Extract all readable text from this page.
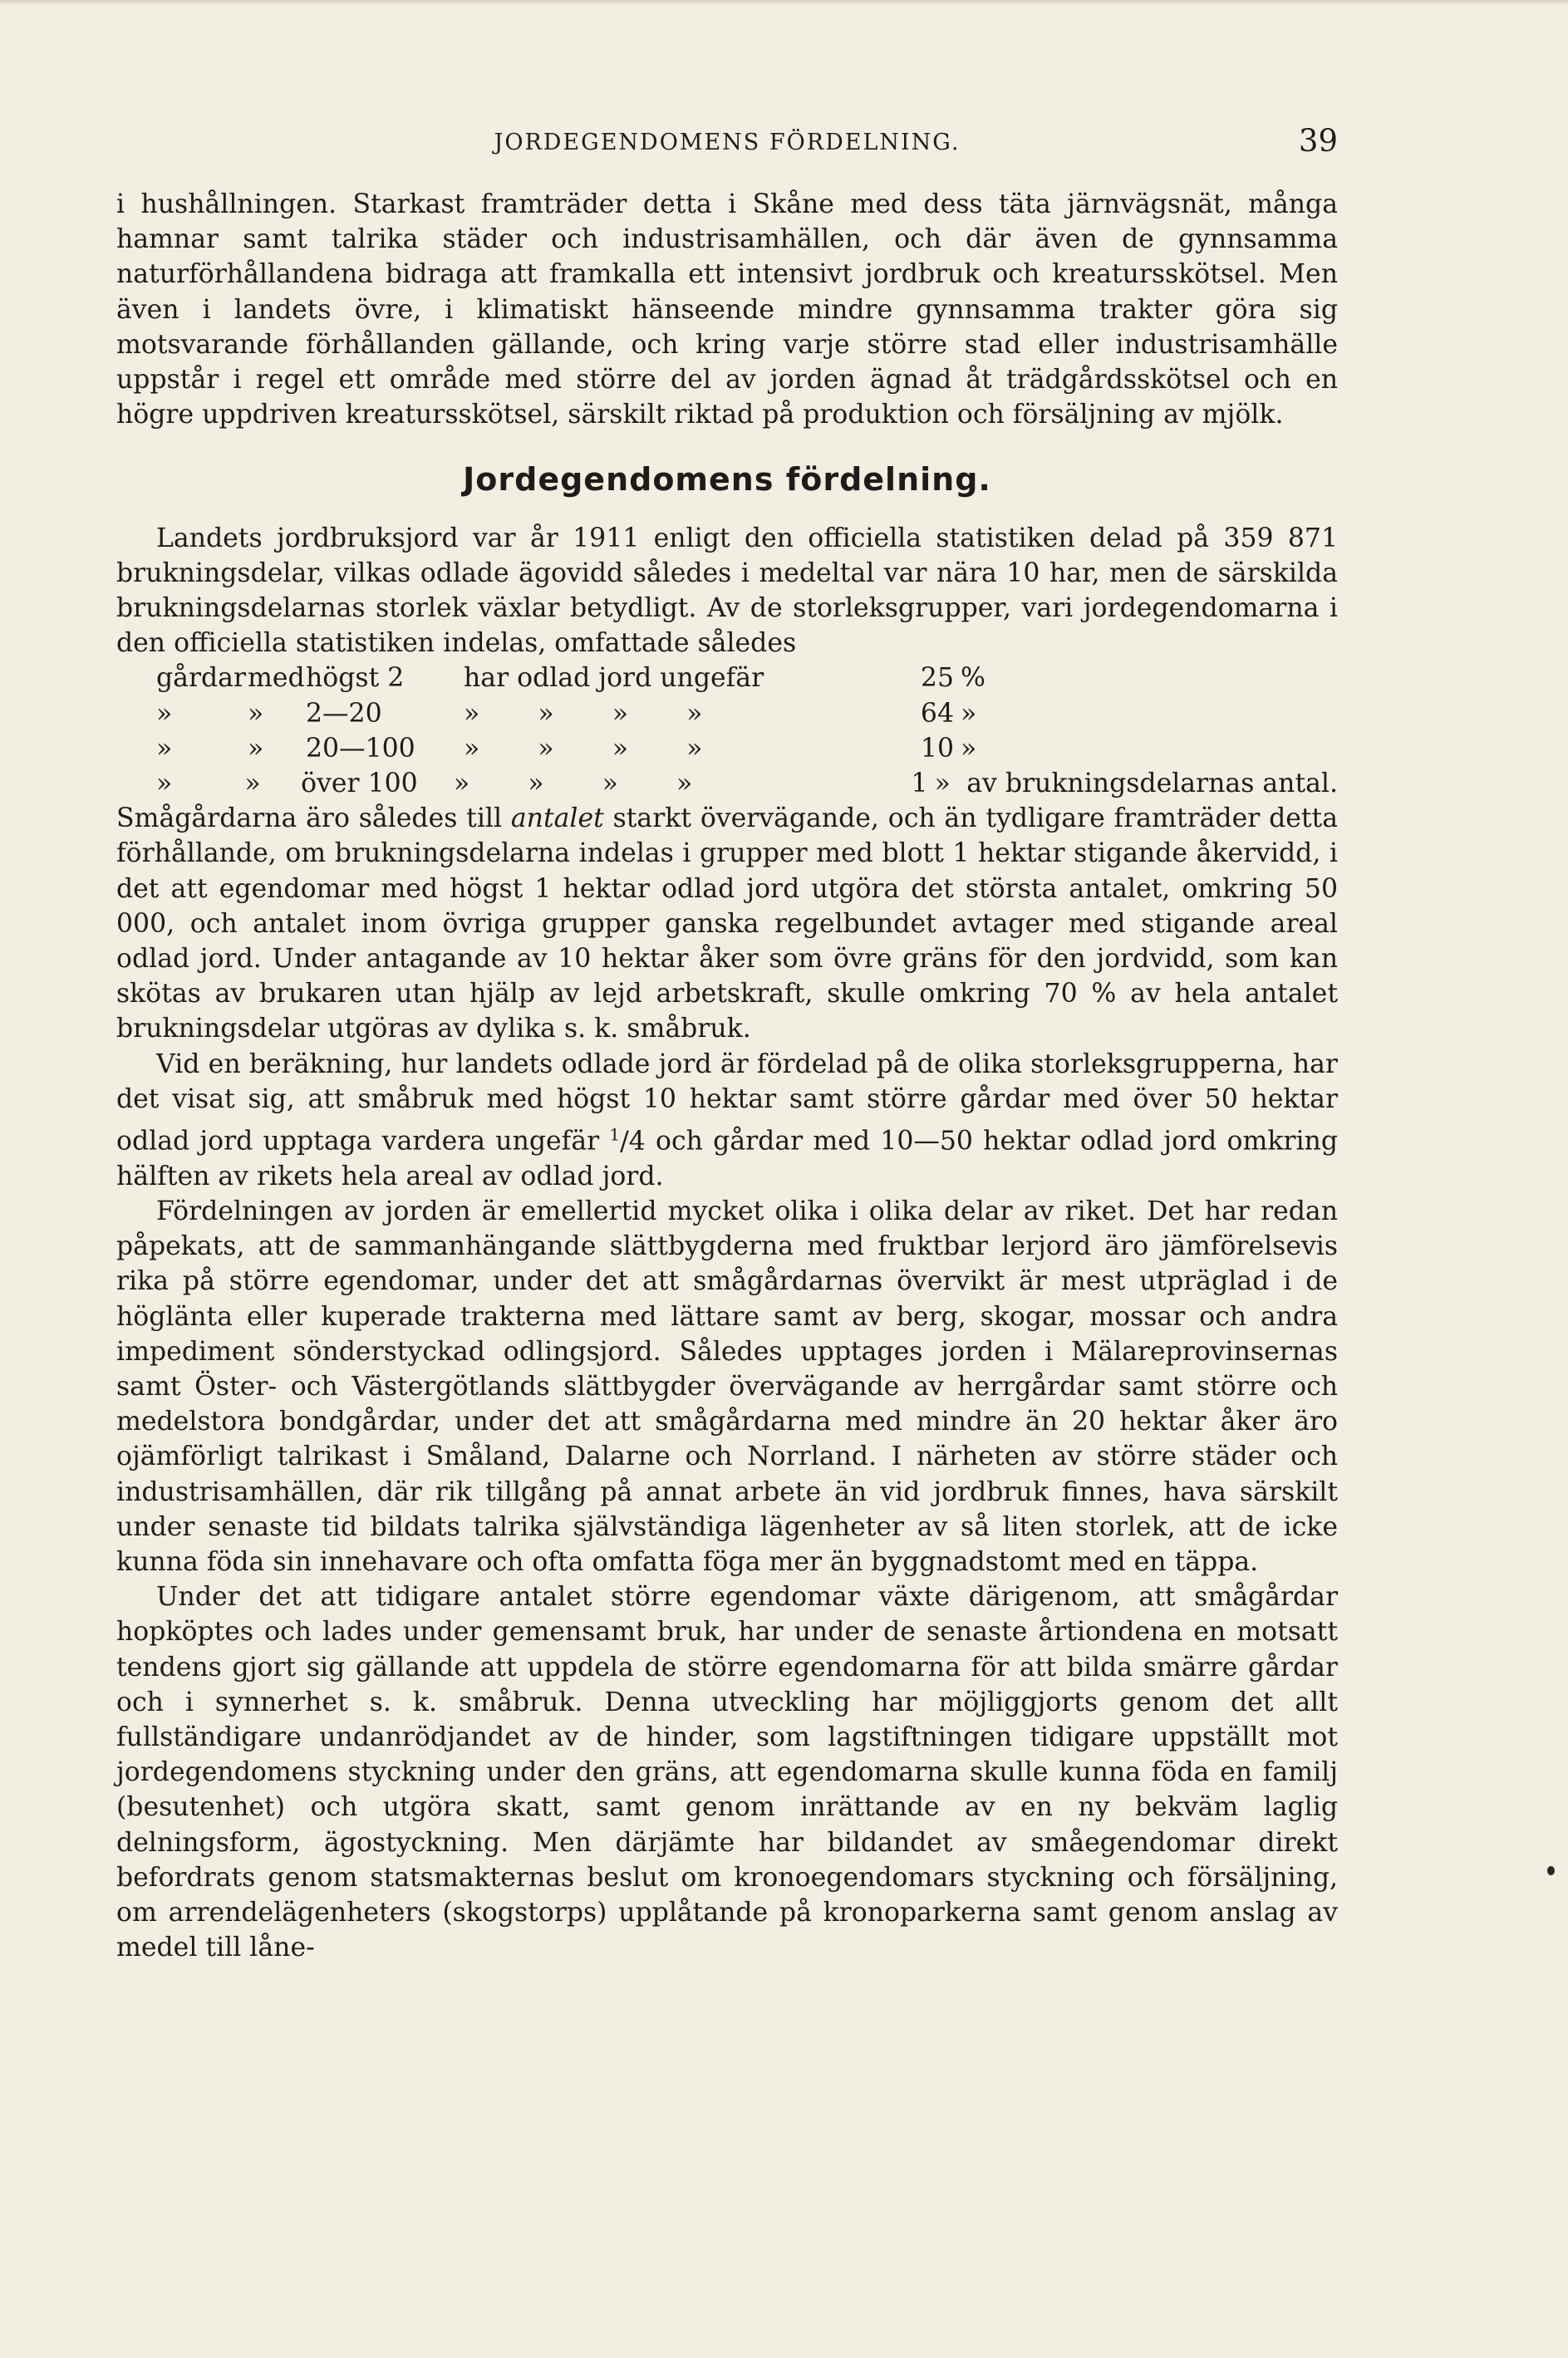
JORDEGENDOMENS FÖRDELNING.	39

i hushållningen. Starkast framträder detta i Skåne med dess täta järnvägsnät, många hamnar samt talrika städer och industrisamhällen, och där även de gynnsamma naturförhållandena bidraga att framkalla ett intensivt jordbruk och kreatursskötsel. Men även i landets övre, i klimatiskt hänseende mindre gynnsamma trakter göra sig motsvarande förhållanden gällande, och kring varje större stad eller industrisamhälle uppstår i regel ett område med större del av jorden ägnad åt trädgårdsskötsel och en högre uppdriven kreatursskötsel, särskilt riktad på produktion och försäljning av mjölk.

Jordegendomens fördelning.

Landets jordbruksjord var år 1911 enligt den officiella statistiken delad på 359 871 brukningsdelar, vilkas odlade ägovidd således i medeltal var nära 10 har, men de särskilda brukningsdelarnas storlek växlar betydligt. Av de storleksgrupper, vari jordegendomarna i den officiella statistiken indelas, omfattade således

gårdar med högst 2	har odlad jord ungefär	25 %
»	»	2—20	»       »       »       »	64 »
»	»	20—100	»       »       »       »	10 »
»	»	över 100	»       »       »       »	1 » av brukningsdelarnas antal.

Smågårdarna äro således till antalet starkt övervägande, och än tydligare framträder detta förhållande, om brukningsdelarna indelas i grupper med blott 1 hektar stigande åkervidd, i det att egendomar med högst 1 hektar odlad jord utgöra det största antalet, omkring 50 000, och antalet inom övriga grupper ganska regelbundet avtager med stigande areal odlad jord. Under antagande av 10 hektar åker som övre gräns för den jordvidd, som kan skötas av brukaren utan hjälp av lejd arbetskraft, skulle omkring 70 % av hela antalet brukningsdelar utgöras av dylika s. k. småbruk.

Vid en beräkning, hur landets odlade jord är fördelad på de olika storleksgrupperna, har det visat sig, att småbruk med högst 10 hektar samt större gårdar med över 50 hektar odlad jord upptaga vardera ungefär $^1$/4 och gårdar med 10—50 hektar odlad jord omkring hälften av rikets hela areal av odlad jord.

Fördelningen av jorden är emellertid mycket olika i olika delar av riket. Det har redan påpekats, att de sammanhängande slättbygderna med fruktbar lerjord äro jämförelsevis rika på större egendomar, under det att smågårdarnas övervikt är mest utpräglad i de höglänta eller kuperade trakterna med lättare samt av berg, skogar, mossar och andra impediment sönderstyckad odlingsjord. Således upptages jorden i Mälareprovinsernas samt Öster- och Västergötlands slättbygder övervägande av herrgårdar samt större och medelstora bondgårdar, under det att smågårdarna med mindre än 20 hektar åker äro ojämförligt talrikast i Småland, Dalarne och Norrland. I närheten av större städer och industrisamhällen, där rik tillgång på annat arbete än vid jordbruk finnes, hava särskilt under senaste tid bildats talrika självständiga lägenheter av så liten storlek, att de icke kunna föda sin innehavare och ofta omfatta föga mer än byggnadstomt med en täppa.

Under det att tidigare antalet större egendomar växte därigenom, att smågårdar hopköptes och lades under gemensamt bruk, har under de senaste årtiondena en motsatt tendens gjort sig gällande att uppdela de större egendomarna för att bilda smärre gårdar och i synnerhet s. k. småbruk. Denna utveckling har möjliggjorts genom det allt fullständigare undanrödjandet av de hinder, som lagstiftningen tidigare uppställt mot jordegendomens styckning under den gräns, att egendomarna skulle kunna föda en familj (besutenhet) och utgöra skatt, samt genom inrättande av en ny bekväm laglig delningsform, ägostyckning. Men därjämte har bildandet av småegendomar direkt befordrats genom statsmakternas beslut om kronoegendomars styckning och försäljning, om arrendelägenheters (skogstorps) upplåtande på kronoparkerna samt genom anslag av medel till låne-
